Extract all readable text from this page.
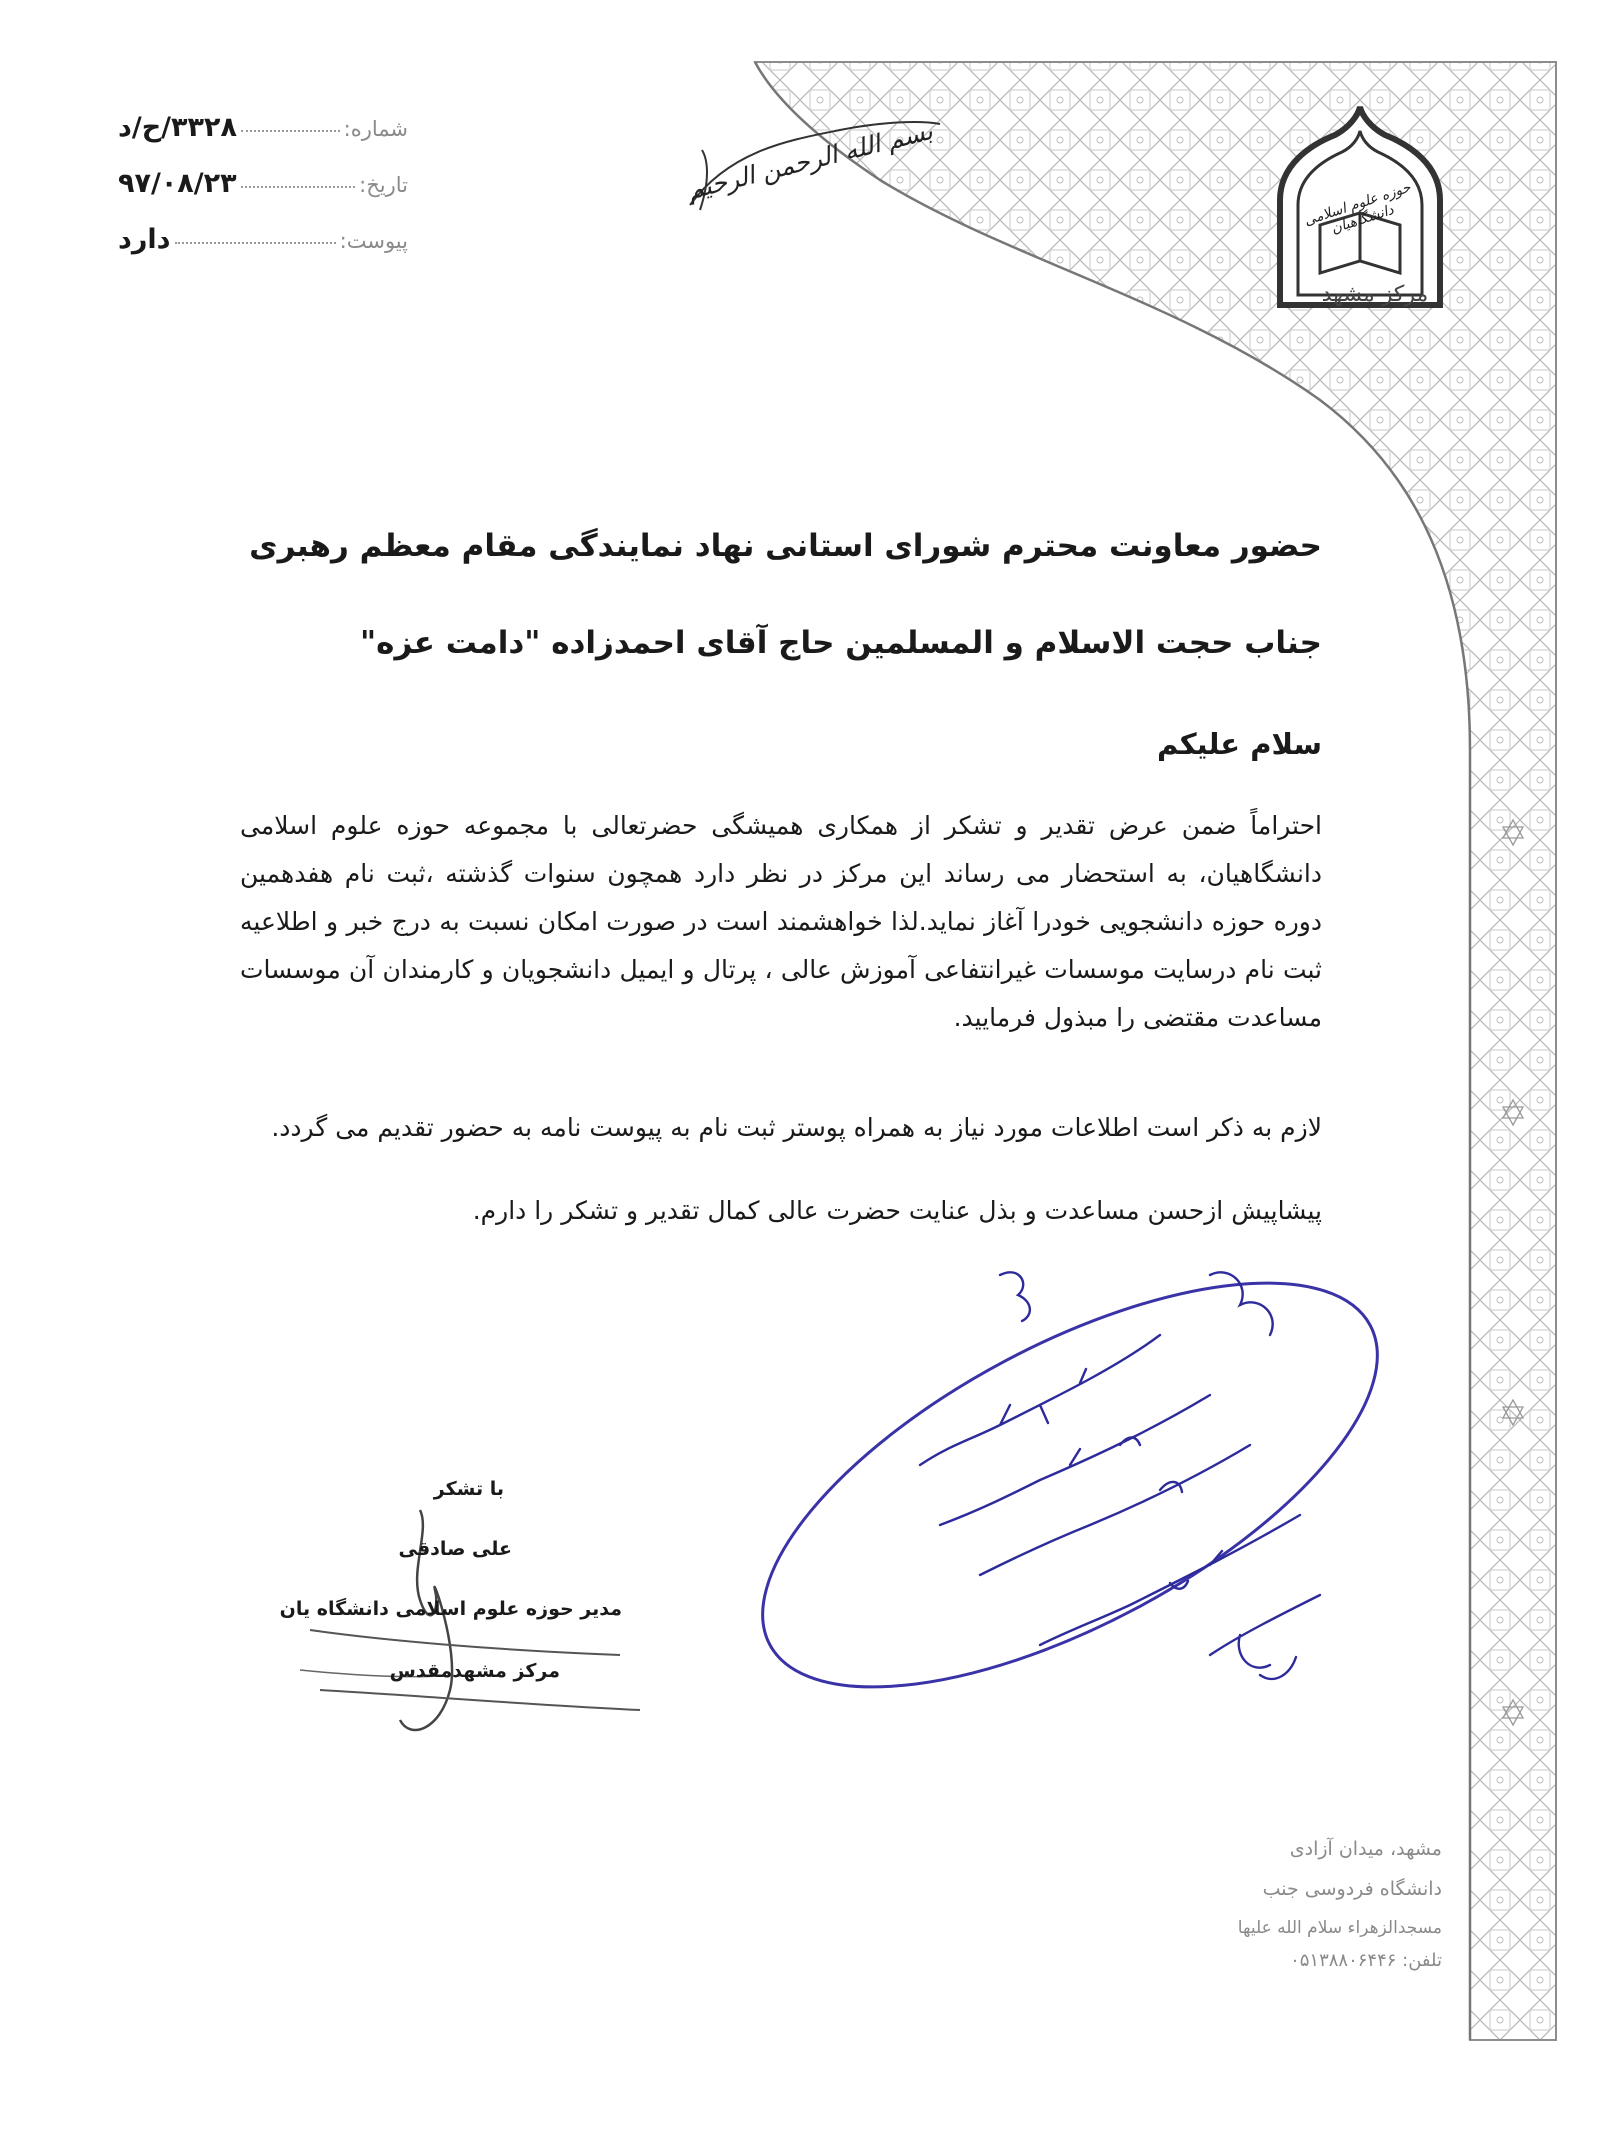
شماره:
۳۳۲۸/ح/د
تاریخ:
۹۷/۰۸/۲۳
پیوست:
دارد
بسم الله الرحمن الرحیم	حوزه علوم اسلامی دانشگاهیان
مرکز مشهد
حضور معاونت محترم شورای استانی نهاد نمایندگی مقام معظم رهبری
جناب حجت الاسلام و المسلمین حاج آقای احمدزاده "دامت عزه"
سلام علیکم
احتراماً ضمن عرض تقدیر و تشکر از همکاری همیشگی حضرتعالی با مجموعه حوزه علوم اسلامی دانشگاهیان، به استحضار می رساند این مرکز در نظر دارد همچون سنوات گذشته ،ثبت نام هفدهمین دوره حوزه دانشجویی خودرا آغاز نماید.لذا خواهشمند است در صورت امکان نسبت به درج خبر و اطلاعیه ثبت نام درسایت موسسات غیرانتفاعی آموزش عالی ، پرتال و ایمیل دانشجویان و کارمندان آن موسسات مساعدت مقتضی را مبذول فرمایید.
لازم به ذکر است اطلاعات مورد نیاز به همراه پوستر ثبت نام به پیوست نامه به حضور تقدیم می گردد.
پیشاپیش ازحسن مساعدت و بذل عنایت حضرت عالی کمال تقدیر و تشکر را دارم.
با تشکر
علی صادقی
مدیر حوزه علوم اسلامی دانشگاه یان
مرکز مشهدمقدس
مشهد، میدان آزادی
دانشگاه فردوسی جنب
مسجدالزهراء سلام الله علیها
تلفن: ۰۵۱۳۸۸۰۶۴۴۶
